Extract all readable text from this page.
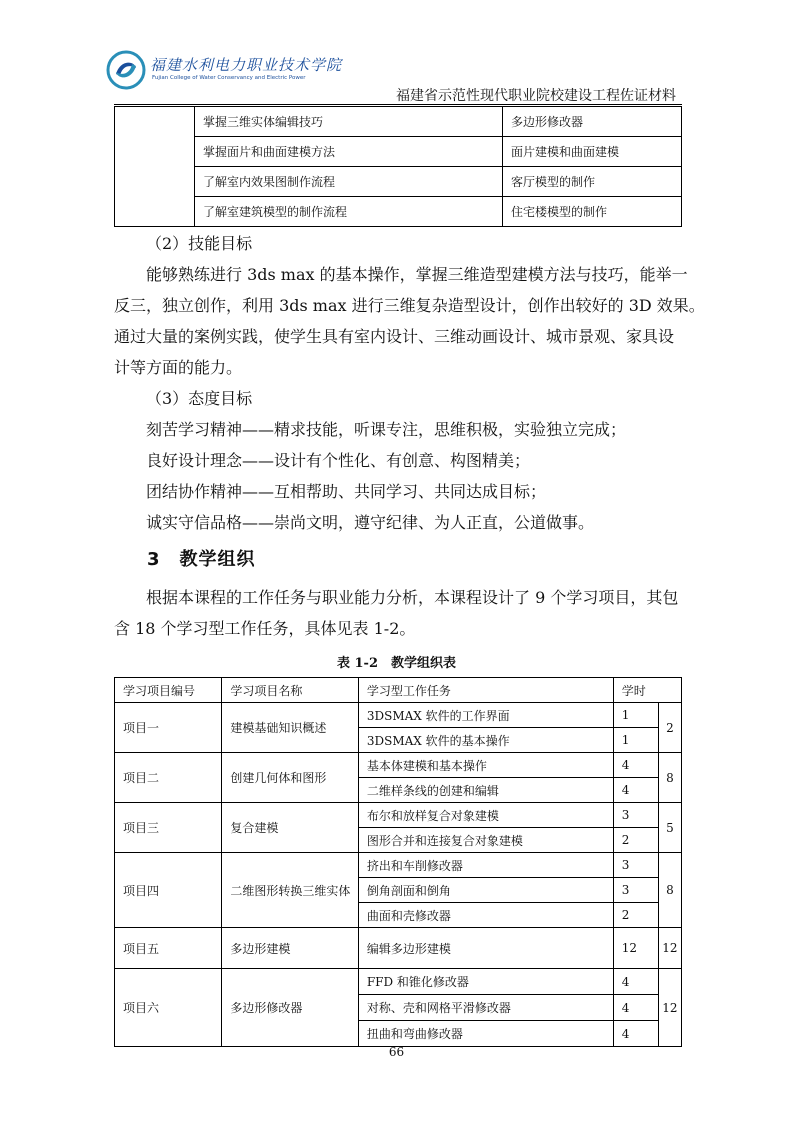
福建水利电力职业技术学院
Fujian College of Water Conservancy and Electric Power
福建省示范性现代职业院校建设工程佐证材料
	掌握三维实体编辑技巧	多边形修改器
	掌握面片和曲面建模方法	面片建模和曲面建模
	了解室内效果图制作流程	客厅模型的制作
	了解室建筑模型的制作流程	住宅楼模型的制作
（2）技能目标
能够熟练进行 3ds max 的基本操作，掌握三维造型建模方法与技巧，能举一
反三，独立创作，利用 3ds max 进行三维复杂造型设计，创作出较好的 3D 效果。
通过大量的案例实践，使学生具有室内设计、三维动画设计、城市景观、家具设
计等方面的能力。
（3）态度目标
刻苦学习精神——精求技能，听课专注，思维积极，实验独立完成；
良好设计理念——设计有个性化、有创意、构图精美；
团结协作精神——互相帮助、共同学习、共同达成目标；
诚实守信品格——崇尚文明，遵守纪律、为人正直，公道做事。
3　教学组织
根据本课程的工作任务与职业能力分析，本课程设计了 9 个学习项目，其包
含 18 个学习型工作任务，具体见表 1-2。
表 1-2　教学组织表
学习项目编号	学习项目名称	学习型工作任务	学时	
项目一	建模基础知识概述	3DSMAX 软件的工作界面	1	2
		3DSMAX 软件的基本操作	1	
项目二	创建几何体和图形	基本体建模和基本操作	4	8
		二维样条线的创建和编辑	4	
项目三	复合建模	布尔和放样复合对象建模	3	5
		图形合并和连接复合对象建模	2	
项目四	二维图形转换三维实体	挤出和车削修改器	3	8
		倒角剖面和倒角	3	
		曲面和壳修改器	2	
项目五	多边形建模	编辑多边形建模	12	12
项目六	多边形修改器	FFD 和锥化修改器	4	12
		对称、壳和网格平滑修改器	4	
		扭曲和弯曲修改器	4	
66
